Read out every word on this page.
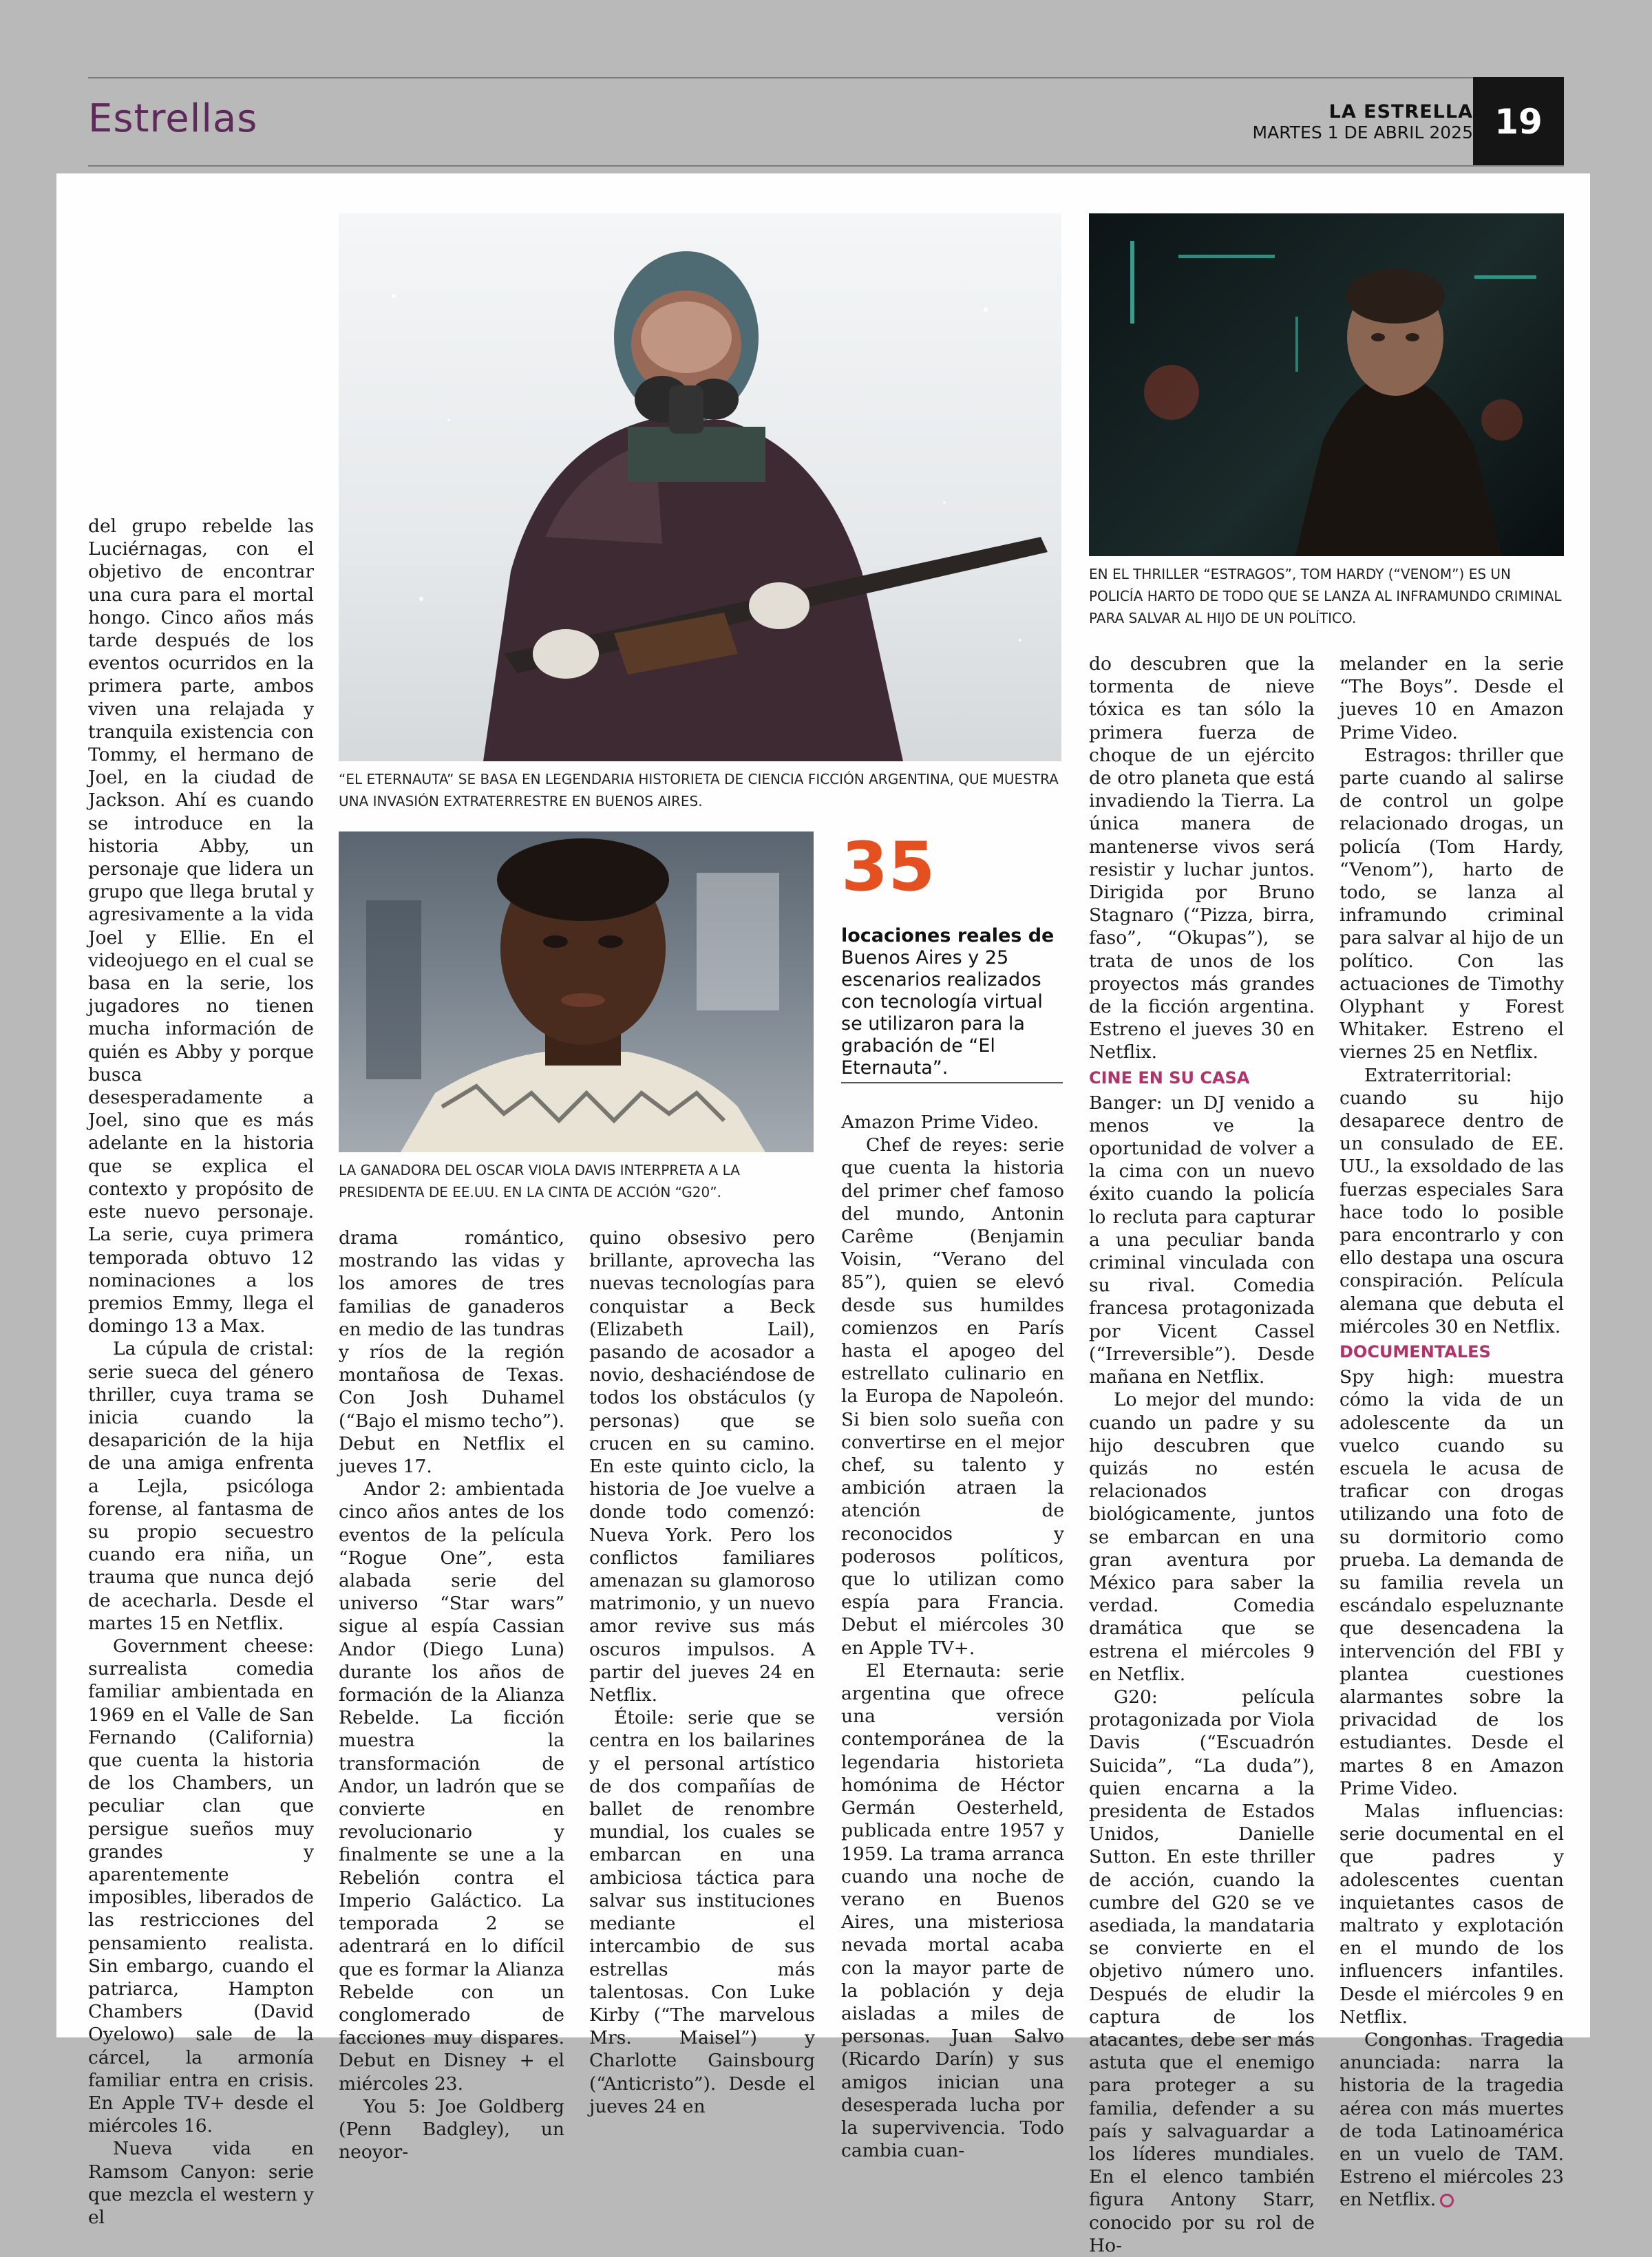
Estrellas	LA ESTRELLA
MARTES 1 DE ABRIL 2025 19
“EL ETERNAUTA” SE BASA EN LEGENDARIA HISTORIETA DE CIENCIA FICCIÓN ARGENTINA, QUE MUESTRA UNA INVASIÓN EXTRATERRESTRE EN BUENOS AIRES.
EN EL THRILLER “ESTRAGOS”, TOM HARDY (“VENOM”) ES UN POLICÍA HARTO DE TODO QUE SE LANZA AL INFRAMUNDO CRIMINAL PARA SALVAR AL HIJO DE UN POLÍTICO.
LA GANADORA DEL OSCAR VIOLA DAVIS INTERPRETA A LA PRESIDENTA DE EE.UU. EN LA CINTA DE ACCIÓN “G20”.
35
locaciones reales de Buenos Aires y 25 escenarios realizados con tecnología virtual se utilizaron para la grabación de “El Eternauta”.

del grupo rebelde las Luciérnagas, con el objetivo de encontrar una cura para el mortal hongo. Cinco años más tarde después de los eventos ocurridos en la primera parte, ambos viven una relajada y tranquila existencia con Tommy, el hermano de Joel, en la ciudad de Jackson. Ahí es cuando se introduce en la historia Abby, un personaje que lidera un grupo que llega brutal y agresivamente a la vida Joel y Ellie. En el videojuego en el cual se basa en la serie, los jugadores no tienen mucha información de quién es Abby y porque busca desesperadamente a Joel, sino que es más adelante en la historia que se explica el contexto y propósito de este nuevo personaje. La serie, cuya primera temporada obtuvo 12 nominaciones a los premios Emmy, llega el domingo 13 a Max.

La cúpula de cristal: serie sueca del género thriller, cuya trama se inicia cuando la desaparición de la hija de una amiga enfrenta a Lejla, psicóloga forense, al fantasma de su propio secuestro cuando era niña, un trauma que nunca dejó de acecharla. Desde el martes 15 en Netflix.

Government cheese: surrealista comedia familiar ambientada en 1969 en el Valle de San Fernando (California) que cuenta la historia de los Chambers, un peculiar clan que persigue sueños muy grandes y aparentemente imposibles, liberados de las restricciones del pensamiento realista. Sin embargo, cuando el patriarca, Hampton Chambers (David Oyelowo) sale de la cárcel, la armonía familiar entra en crisis. En Apple TV+ desde el miércoles 16.

Nueva vida en Ramsom Canyon: serie que mezcla el western y el

drama romántico, mostrando las vidas y los amores de tres familias de ganaderos en medio de las tundras y ríos de la región montañosa de Texas. Con Josh Duhamel (“Bajo el mismo techo”). Debut en Netflix el jueves 17.

Andor 2: ambientada cinco años antes de los eventos de la película “Rogue One”, esta alabada serie del universo “Star wars” sigue al espía Cassian Andor (Diego Luna) durante los años de formación de la Alianza Rebelde. La ficción muestra la transformación de Andor, un ladrón que se convierte en revolucionario y finalmente se une a la Rebelión contra el Imperio Galáctico. La temporada 2 se adentrará en lo difícil que es formar la Alianza Rebelde con un conglomerado de facciones muy dispares. Debut en Disney + el miércoles 23.

You 5: Joe Goldberg (Penn Badgley), un neoyor-

quino obsesivo pero brillante, aprovecha las nuevas tecnologías para conquistar a Beck (Elizabeth Lail), pasando de acosador a novio, deshaciéndose de todos los obstáculos (y personas) que se crucen en su camino. En este quinto ciclo, la historia de Joe vuelve a donde todo comenzó: Nueva York. Pero los conflictos familiares amenazan su glamoroso matrimonio, y un nuevo amor revive sus más oscuros impulsos. A partir del jueves 24 en Netflix.

Étoile: serie que se centra en los bailarines y el personal artístico de dos compañías de ballet de renombre mundial, los cuales se embarcan en una ambiciosa táctica para salvar sus instituciones mediante el intercambio de sus estrellas más talentosas. Con Luke Kirby (“The marvelous Mrs. Maisel”) y Charlotte Gainsbourg (“Anticristo”). Desde el jueves 24 en

Amazon Prime Video.

Chef de reyes: serie que cuenta la historia del primer chef famoso del mundo, Antonin Carême (Benjamin Voisin, “Verano del 85”), quien se elevó desde sus humildes comienzos en París hasta el apogeo del estrellato culinario en la Europa de Napoleón. Si bien solo sueña con convertirse en el mejor chef, su talento y ambición atraen la atención de reconocidos y poderosos políticos, que lo utilizan como espía para Francia. Debut el miércoles 30 en Apple TV+.

El Eternauta: serie argentina que ofrece una versión contemporánea de la legendaria historieta homónima de Héctor Germán Oesterheld, publicada entre 1957 y 1959. La trama arranca cuando una noche de verano en Buenos Aires, una misteriosa nevada mortal acaba con la mayor parte de la población y deja aisladas a miles de personas. Juan Salvo (Ricardo Darín) y sus amigos inician una desesperada lucha por la supervivencia. Todo cambia cuan-

do descubren que la tormenta de nieve tóxica es tan sólo la primera fuerza de choque de un ejército de otro planeta que está invadiendo la Tierra. La única manera de mantenerse vivos será resistir y luchar juntos. Dirigida por Bruno Stagnaro (“Pizza, birra, faso”, “Okupas”), se trata de unos de los proyectos más grandes de la ficción argentina. Estreno el jueves 30 en Netflix.

CINE EN SU CASA

Banger: un DJ venido a menos ve la oportunidad de volver a la cima con un nuevo éxito cuando la policía lo recluta para capturar a una peculiar banda criminal vinculada con su rival. Comedia francesa protagonizada por Vicent Cassel (“Irreversible”). Desde mañana en Netflix.

Lo mejor del mundo: cuando un padre y su hijo descubren que quizás no estén relacionados biológicamente, juntos se embarcan en una gran aventura por México para saber la verdad. Comedia dramática que se estrena el miércoles 9 en Netflix.

G20: película protagonizada por Viola Davis (“Escuadrón Suicida”, “La duda”), quien encarna a la presidenta de Estados Unidos, Danielle Sutton. En este thriller de acción, cuando la cumbre del G20 se ve asediada, la mandataria se convierte en el objetivo número uno. Después de eludir la captura de los atacantes, debe ser más astuta que el enemigo para proteger a su familia, defender a su país y salvaguardar a los líderes mundiales. En el elenco también figura Antony Starr, conocido por su rol de Ho-

melander en la serie “The Boys”. Desde el jueves 10 en Amazon Prime Video.

Estragos: thriller que parte cuando al salirse de control un golpe relacionado drogas, un policía (Tom Hardy, “Venom”), harto de todo, se lanza al inframundo criminal para salvar al hijo de un político. Con las actuaciones de Timothy Olyphant y Forest Whitaker. Estreno el viernes 25 en Netflix.

Extraterritorial: cuando su hijo desaparece dentro de un consulado de EE. UU., la exsoldado de las fuerzas especiales Sara hace todo lo posible para encontrarlo y con ello destapa una oscura conspiración. Película alemana que debuta el miércoles 30 en Netflix.

DOCUMENTALES

Spy high: muestra cómo la vida de un adolescente da un vuelco cuando su escuela le acusa de traficar con drogas utilizando una foto de su dormitorio como prueba. La demanda de su familia revela un escándalo espeluznante que desencadena la intervención del FBI y plantea cuestiones alarmantes sobre la privacidad de los estudiantes. Desde el martes 8 en Amazon Prime Video.

Malas influencias: serie documental en el que padres y adolescentes cuentan inquietantes casos de maltrato y explotación en el mundo de los influencers infantiles. Desde el miércoles 9 en Netflix.

Congonhas. Tragedia anunciada: narra la historia de la tragedia aérea con más muertes de toda Latinoamérica en un vuelo de TAM. Estreno el miércoles 23 en Netflix.
